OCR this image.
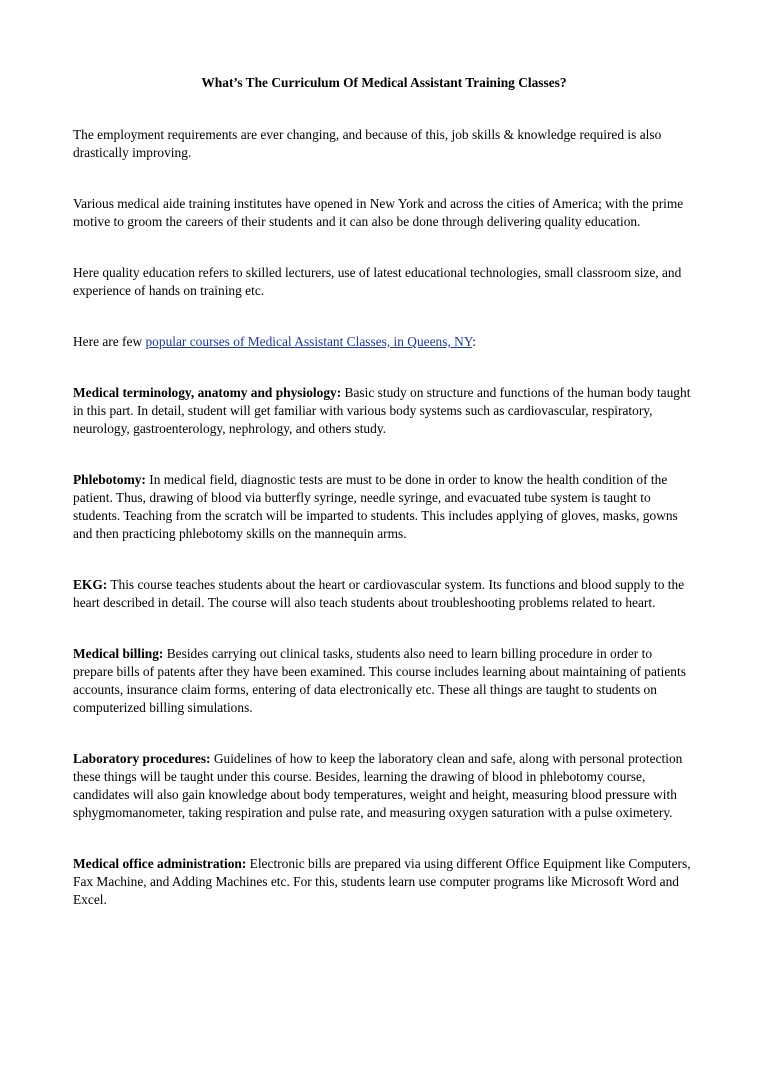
What’s The Curriculum Of Medical Assistant Training Classes?

The employment requirements are ever changing, and because of this, job skills & knowledge required is also drastically improving.

Various medical aide training institutes have opened in New York and across the cities of America; with the prime motive to groom the careers of their students and it can also be done through delivering quality education.

Here quality education refers to skilled lecturers, use of latest educational technologies, small classroom size, and experience of hands on training etc.

Here are few popular courses of Medical Assistant Classes, in Queens, NY:

Medical terminology, anatomy and physiology: Basic study on structure and functions of the human body taught in this part. In detail, student will get familiar with various body systems such as cardiovascular, respiratory, neurology, gastroenterology, nephrology, and others study.

Phlebotomy: In medical field, diagnostic tests are must to be done in order to know the health condition of the patient. Thus, drawing of blood via butterfly syringe, needle syringe, and evacuated tube system is taught to students. Teaching from the scratch will be imparted to students. This includes applying of gloves, masks, gowns and then practicing phlebotomy skills on the mannequin arms.

EKG: This course teaches students about the heart or cardiovascular system. Its functions and blood supply to the heart described in detail. The course will also teach students about troubleshooting problems related to heart.

Medical billing: Besides carrying out clinical tasks, students also need to learn billing procedure in order to prepare bills of patents after they have been examined. This course includes learning about maintaining of patients accounts, insurance claim forms, entering of data electronically etc. These all things are taught to students on computerized billing simulations.

Laboratory procedures: Guidelines of how to keep the laboratory clean and safe, along with personal protection these things will be taught under this course. Besides, learning the drawing of blood in phlebotomy course, candidates will also gain knowledge about body temperatures, weight and height, measuring blood pressure with sphygmomanometer, taking respiration and pulse rate, and measuring oxygen saturation with a pulse oximetery.

Medical office administration: Electronic bills are prepared via using different Office Equipment like Computers, Fax Machine, and Adding Machines etc. For this, students learn use computer programs like Microsoft Word and Excel.
